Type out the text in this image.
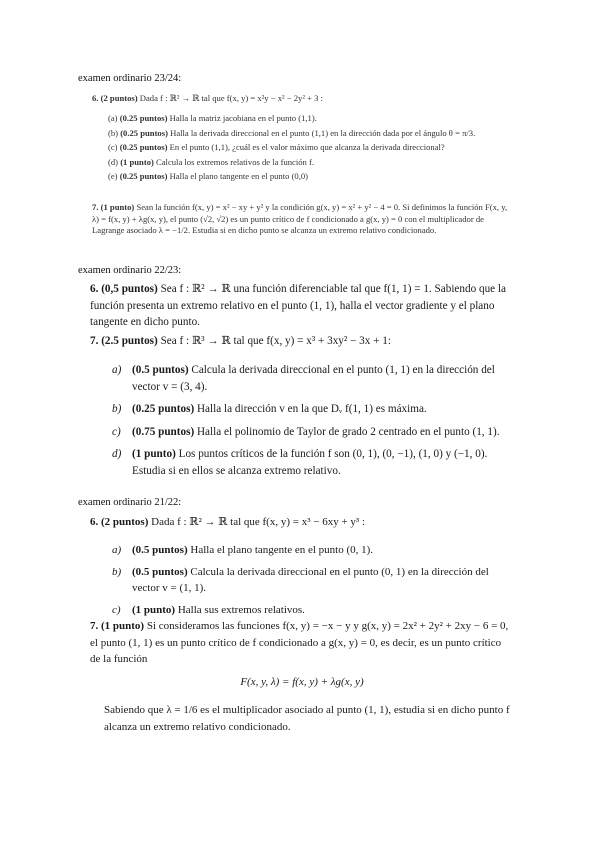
examen ordinario 23/24:
6. (2 puntos) Dada f : ℝ² → ℝ tal que f(x, y) = x²y − x² − 2y² + 3 :
(a) (0.25 puntos) Halla la matriz jacobiana en el punto (1,1).
(b) (0.25 puntos) Halla la derivada direccional en el punto (1,1) en la dirección dada por el ángulo θ = π/3.
(c) (0.25 puntos) En el punto (1,1), ¿cuál es el valor máximo que alcanza la derivada direccional?
(d) (1 punto) Calcula los extremos relativos de la función f.
(e) (0.25 puntos) Halla el plano tangente en el punto (0,0)
7. (1 punto) Sean la función f(x, y) = x² − xy + y² y la condición g(x, y) = x² + y² − 4 = 0. Si definimos la función F(x, y, λ) = f(x, y) + λg(x, y), el punto (√2, √2) es un punto crítico de f condicionado a g(x, y) = 0 con el multiplicador de Lagrange asociado λ = −1/2. Estudia si en dicho punto se alcanza un extremo relativo condicionado.
examen ordinario 22/23:
6. (0,5 puntos) Sea f : ℝ² → ℝ una función diferenciable tal que f(1, 1) = 1. Sabiendo que la función presenta un extremo relativo en el punto (1, 1), halla el vector gradiente y el plano tangente en dicho punto.
7. (2.5 puntos) Sea f : ℝ³ → ℝ tal que f(x, y) = x³ + 3xy² − 3x + 1:
a) (0.5 puntos) Calcula la derivada direccional en el punto (1, 1) en la dirección del vector v = (3, 4).
b) (0.25 puntos) Halla la dirección v en la que Dᵥ f(1, 1) es máxima.
c)	(0.75 puntos) Halla el polinomio de Taylor de grado 2 centrado en el punto (1, 1).
d) (1 punto) Los puntos críticos de la función f son (0, 1), (0, −1), (1, 0) y (−1, 0). Estudia si en ellos se alcanza extremo relativo.
examen ordinario 21/22:
6. (2 puntos) Dada f : ℝ² → ℝ tal que f(x, y) = x³ − 6xy + y³ :
a) (0.5 puntos) Halla el plano tangente en el punto (0, 1).
b) (0.5 puntos) Calcula la derivada direccional en el punto (0, 1) en la dirección del vector v = (1, 1).
c)	(1 punto) Halla sus extremos relativos.
7. (1 punto) Si consideramos las funciones f(x, y) = −x − y y g(x, y) = 2x² + 2y² + 2xy − 6 = 0, el punto (1, 1) es un punto crítico de f condicionado a g(x, y) = 0, es decir, es un punto crítico de la función
F(x, y, λ) = f(x, y) + λg(x, y)
Sabiendo que λ = 1/6 es el multiplicador asociado al punto (1, 1), estudia si en dicho punto f alcanza un extremo relativo condicionado.
